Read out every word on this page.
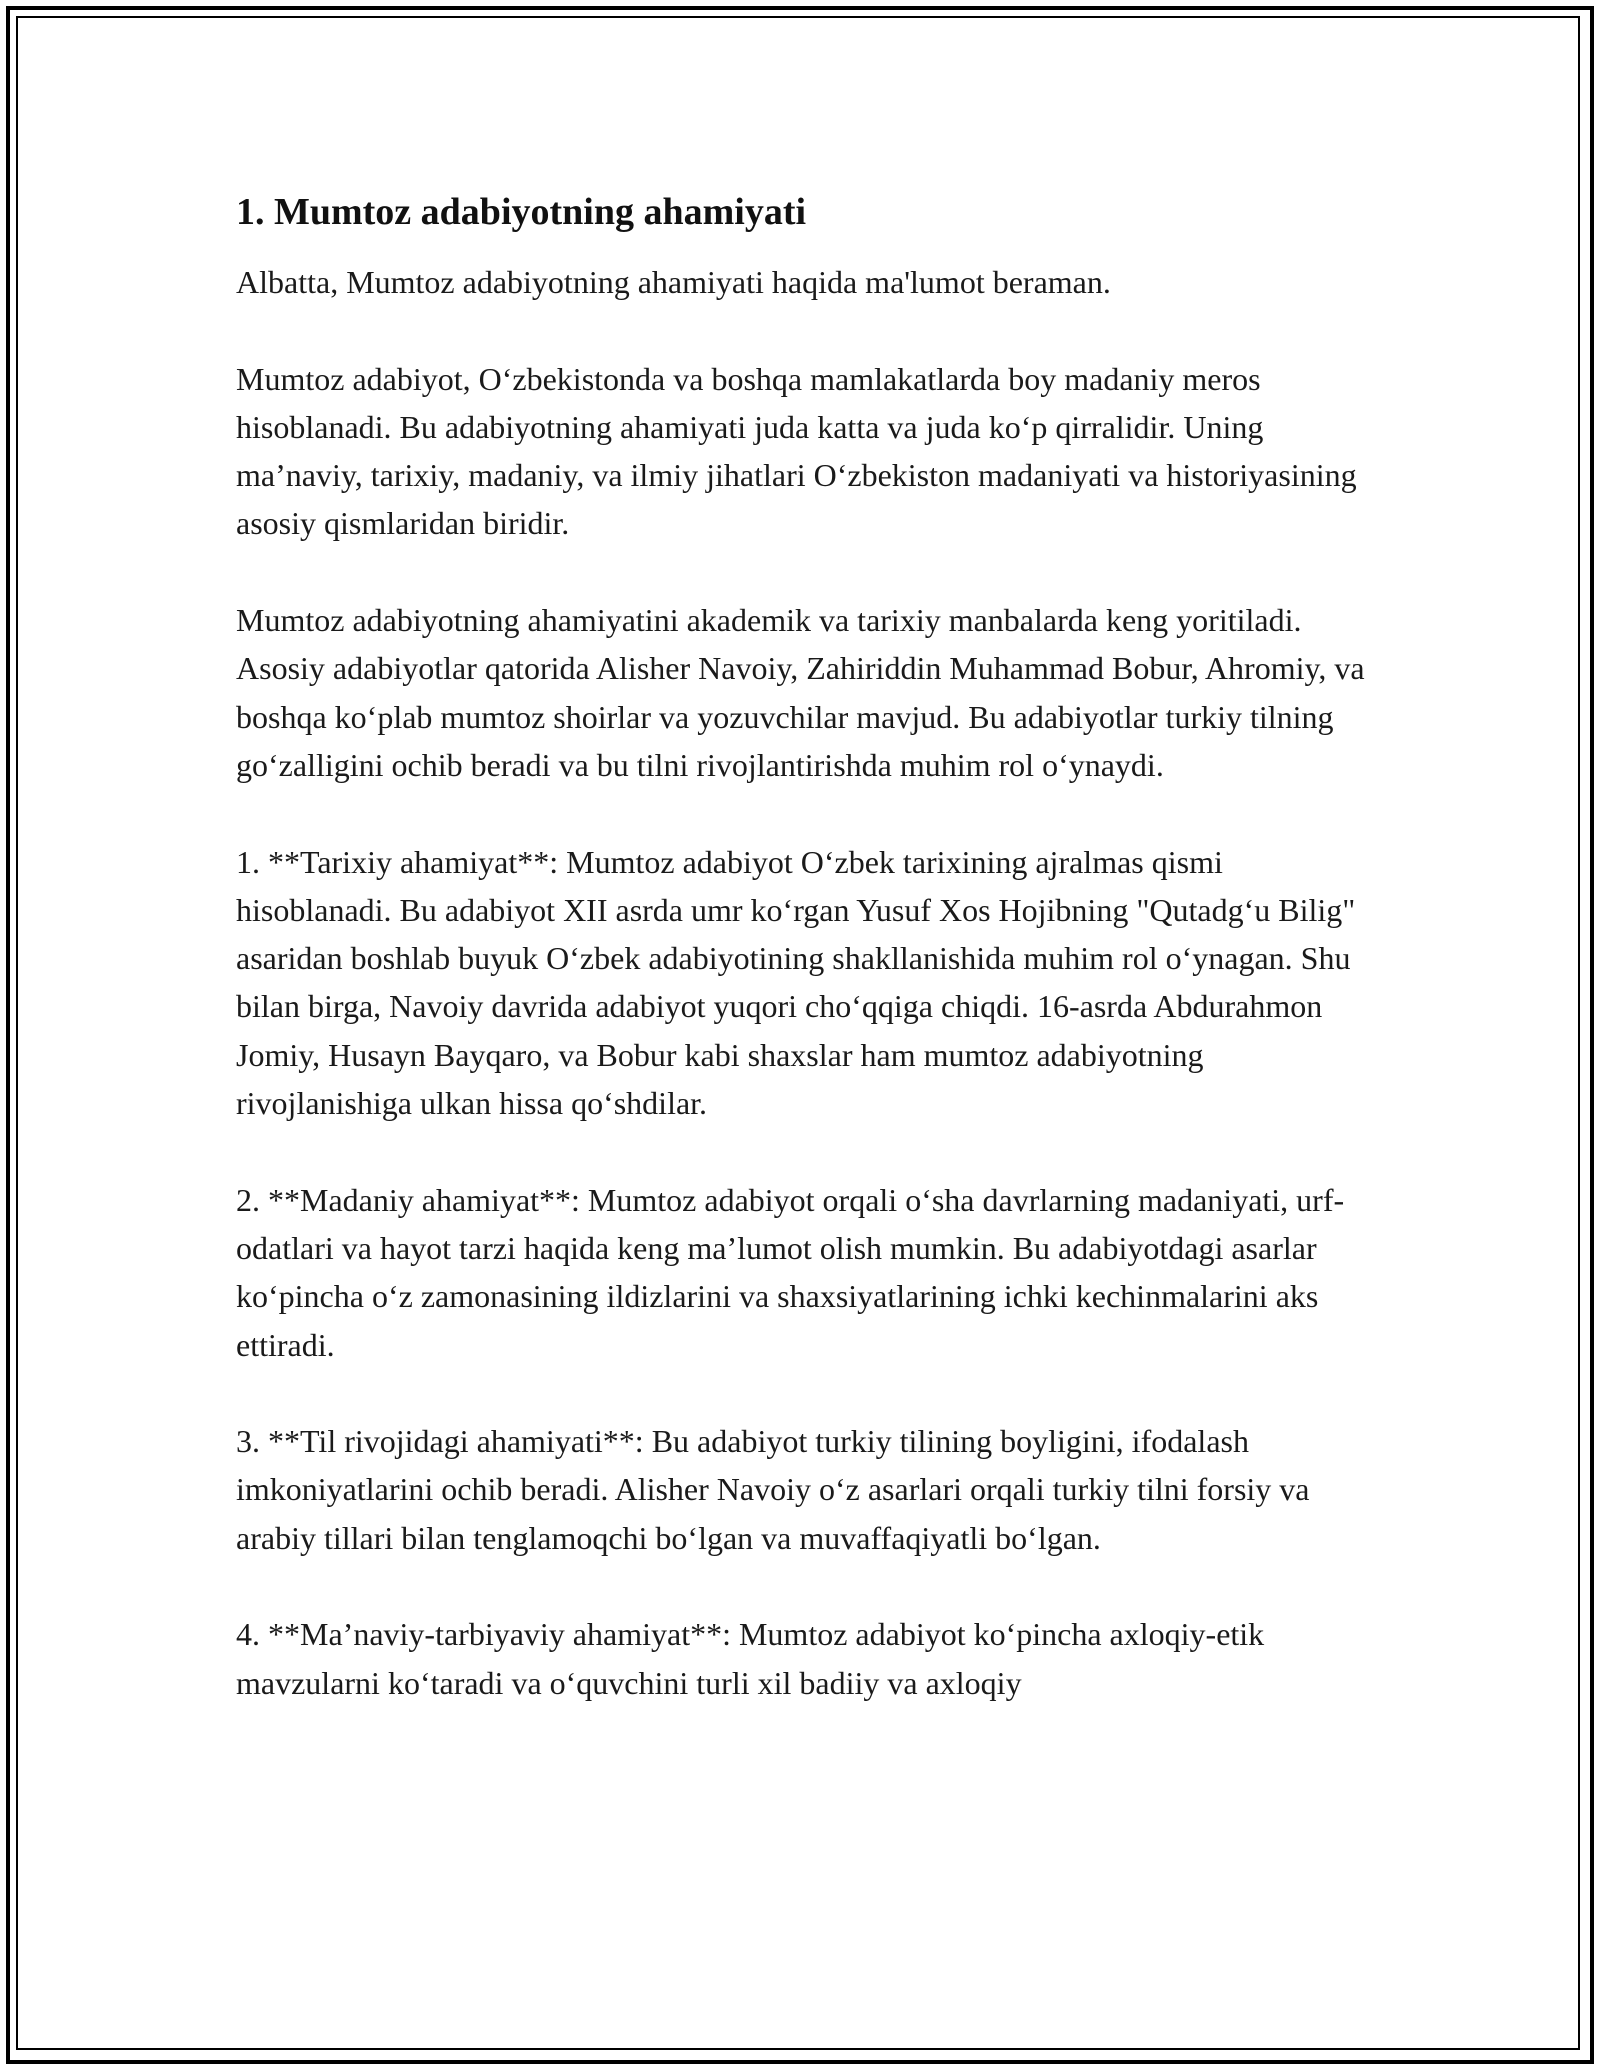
1. Mumtoz adabiyotning ahamiyati

Albatta, Mumtoz adabiyotning ahamiyati haqida ma'lumot beraman.

Mumtoz adabiyot, O‘zbekistonda va boshqa mamlakatlarda boy madaniy meros hisoblanadi. Bu adabiyotning ahamiyati juda katta va juda ko‘p qirralidir. Uning ma’naviy, tarixiy, madaniy, va ilmiy jihatlari O‘zbekiston madaniyati va historiyasining asosiy qismlaridan biridir.

Mumtoz adabiyotning ahamiyatini akademik va tarixiy manbalarda keng yoritiladi. Asosiy adabiyotlar qatorida Alisher Navoiy, Zahiriddin Muhammad Bobur, Ahromiy, va boshqa ko‘plab mumtoz shoirlar va yozuvchilar mavjud. Bu adabiyotlar turkiy tilning go‘zalligini ochib beradi va bu tilni rivojlantirishda muhim rol o‘ynaydi.

1. **Tarixiy ahamiyat**: Mumtoz adabiyot O‘zbek tarixining ajralmas qismi hisoblanadi. Bu adabiyot XII asrda umr ko‘rgan Yusuf Xos Hojibning "Qutadg‘u Bilig" asaridan boshlab buyuk O‘zbek adabiyotining shakllanishida muhim rol o‘ynagan. Shu bilan birga, Navoiy davrida adabiyot yuqori cho‘qqiga chiqdi. 16-asrda Abdurahmon Jomiy, Husayn Bayqaro, va Bobur kabi shaxslar ham mumtoz adabiyotning rivojlanishiga ulkan hissa qo‘shdilar.

2. **Madaniy ahamiyat**: Mumtoz adabiyot orqali o‘sha davrlarning madaniyati, urf-odatlari va hayot tarzi haqida keng ma’lumot olish mumkin. Bu adabiyotdagi asarlar ko‘pincha o‘z zamonasining ildizlarini va shaxsiyatlarining ichki kechinmalarini aks ettiradi.

3. **Til rivojidagi ahamiyati**: Bu adabiyot turkiy tilining boyligini, ifodalash imkoniyatlarini ochib beradi. Alisher Navoiy o‘z asarlari orqali turkiy tilni forsiy va arabiy tillari bilan tenglamoqchi bo‘lgan va muvaffaqiyatli bo‘lgan.

4. **Ma’naviy-tarbiyaviy ahamiyat**: Mumtoz adabiyot ko‘pincha axloqiy-etik mavzularni ko‘taradi va o‘quvchini turli xil badiiy va axloqiy
